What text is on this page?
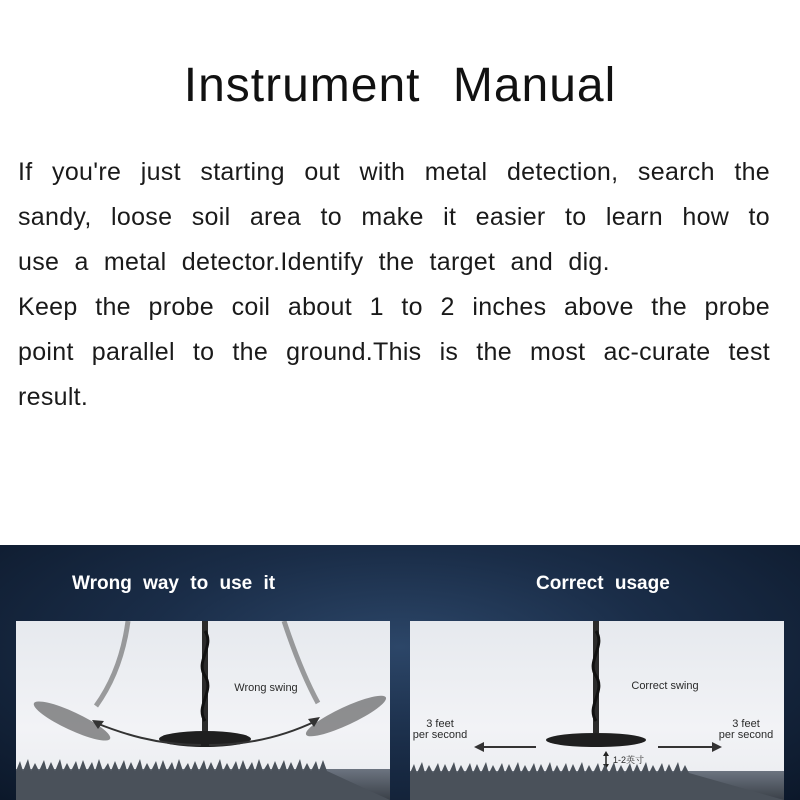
Instrument Manual

If you're just starting out with metal detection, search the sandy, loose soil area to make it easier to learn how to use a metal detector.Identify the target and dig.

Keep the probe coil about 1 to 2 inches above the probe point parallel to the ground.This is the most ac-curate test result.

Wrong way to use it	Correct usage
Wrong swing	Correct swing
3 feet
per second
3 feet
per second
1-2英寸
